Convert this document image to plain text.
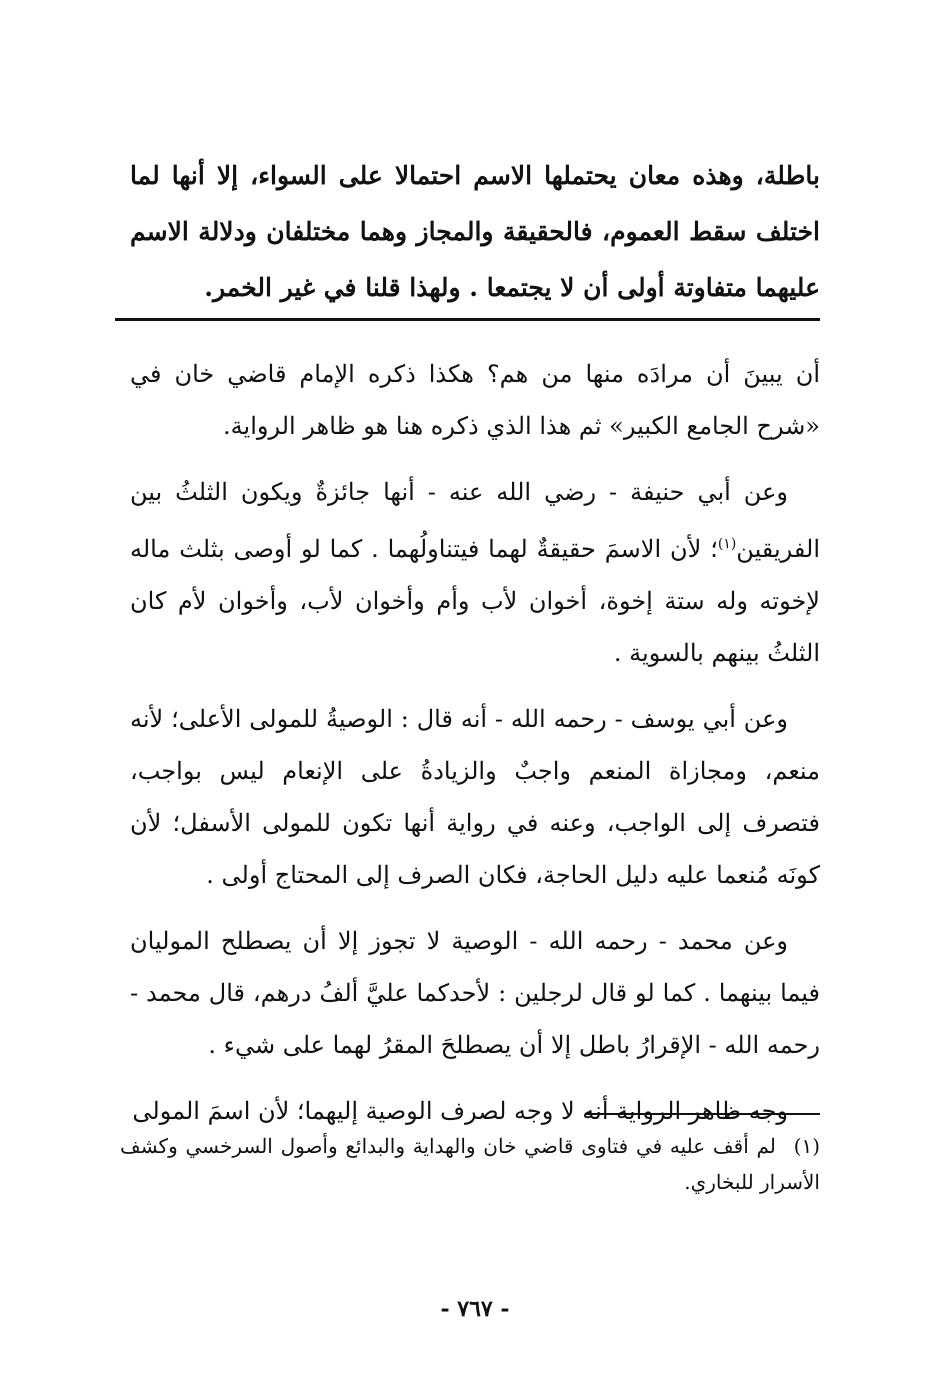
باطلة، وهذه معان يحتملها الاسم احتمالا على السواء، إلا أنها لما اختلف سقط العموم، فالحقيقة والمجاز وهما مختلفان ودلالة الاسم عليهما متفاوتة أولى أن لا يجتمعا . ولهذا قلنا في غير الخمر.

أن يبينَ أن مرادَه منها من هم؟ هكذا ذكره الإمام قاضي خان في «شرح الجامع الكبير» ثم هذا الذي ذكره هنا هو ظاهر الرواية.

وعن أبي حنيفة - رضي الله عنه - أنها جائزةٌ ويكون الثلثُ بين الفريقين$^{(١)}$؛ لأن الاسمَ حقيقةٌ لهما فيتناولُهما . كما لو أوصى بثلث ماله لإخوته وله ستة إخوة، أخوان لأب وأم وأخوان لأب، وأخوان لأم كان الثلثُ بينهم بالسوية .

وعن أبي يوسف - رحمه الله - أنه قال : الوصيةُ للمولى الأعلى؛ لأنه منعم، ومجازاة المنعم واجبٌ والزيادةُ على الإنعام ليس بواجب، فتصرف إلى الواجب، وعنه في رواية أنها تكون للمولى الأسفل؛ لأن كونَه مُنعما عليه دليل الحاجة، فكان الصرف إلى المحتاج أولى .

وعن محمد - رحمه الله - الوصية لا تجوز إلا أن يصطلح المولیان فيما بينهما . كما لو قال لرجلين : لأحدكما عليَّ ألفُ درهم، قال محمد - رحمه الله - الإقرارُ باطل إلا أن يصطلحَ المقرُ لهما على شيء .

وجه ظاهر الرواية أنه لا وجه لصرف الوصية إليهما؛ لأن اسمَ المولى

(١) لم أقف عليه في فتاوى قاضي خان والهداية والبدائع وأصول السرخسي وكشف الأسرار للبخاري.
- ٧٦٧ -
